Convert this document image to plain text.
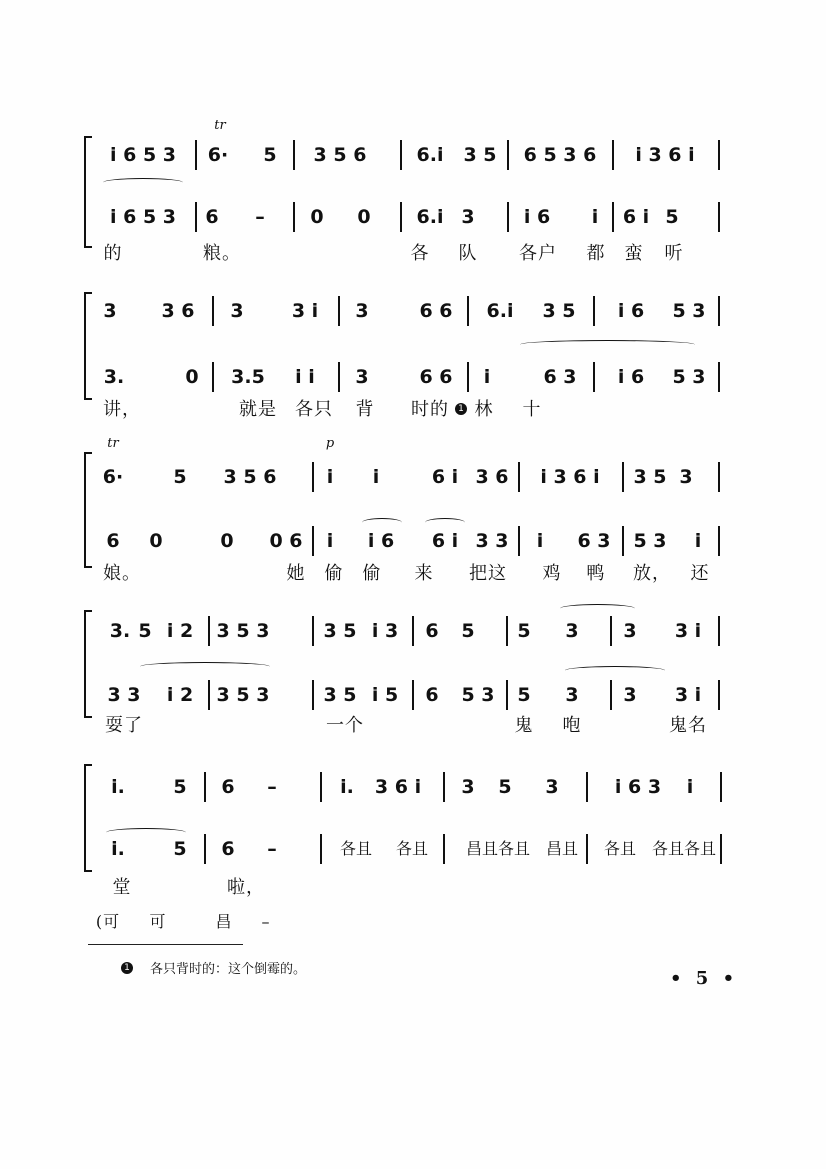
tr
i 6 5 3 6· 5 3 5 6	6.i 3 5 6 5 3 6 i 3 6 i
i 6 5 3 6 – 0 0 6.i 3	i 6 i 6 i 5
的	粮。	各 队 各户 都 蛮 听
3 3 6 3	3 i 3	6 6 6.i 3 5 i 6 5 3
3.	0 3.5 i i 3	6 6 i	6 3 i 6 5 3
讲，	就是 各只 背 时的	1 林 十
tr	p
6·	5 3 5 6	i i	6 i 3 6 i 3 6 i 3 5 3
6 0	0 0 6 i i 6 6 i 3 3 i 6 3 5 3 i
娘。	她 偷 偷 来 把这 鸡 鸭 放， 还
3. 5 i 2 3 5 3	3 5 i 3 6 5 5 3 3 3 i
3 3 i 2 3 5 3	3 5 i 5 6 5 3 5 3 3 3 i
耍了	一个	鬼 咆	鬼名
i.	5 6 –	i. 3 6 i 3 5 3	i 6 3 i
i.	5 6 –	各且 各且 昌且各且 昌且 各且 各且各且
堂	啦，
(可 可	昌 –
1 各只背时的：这个倒霉的。	• 5 •
